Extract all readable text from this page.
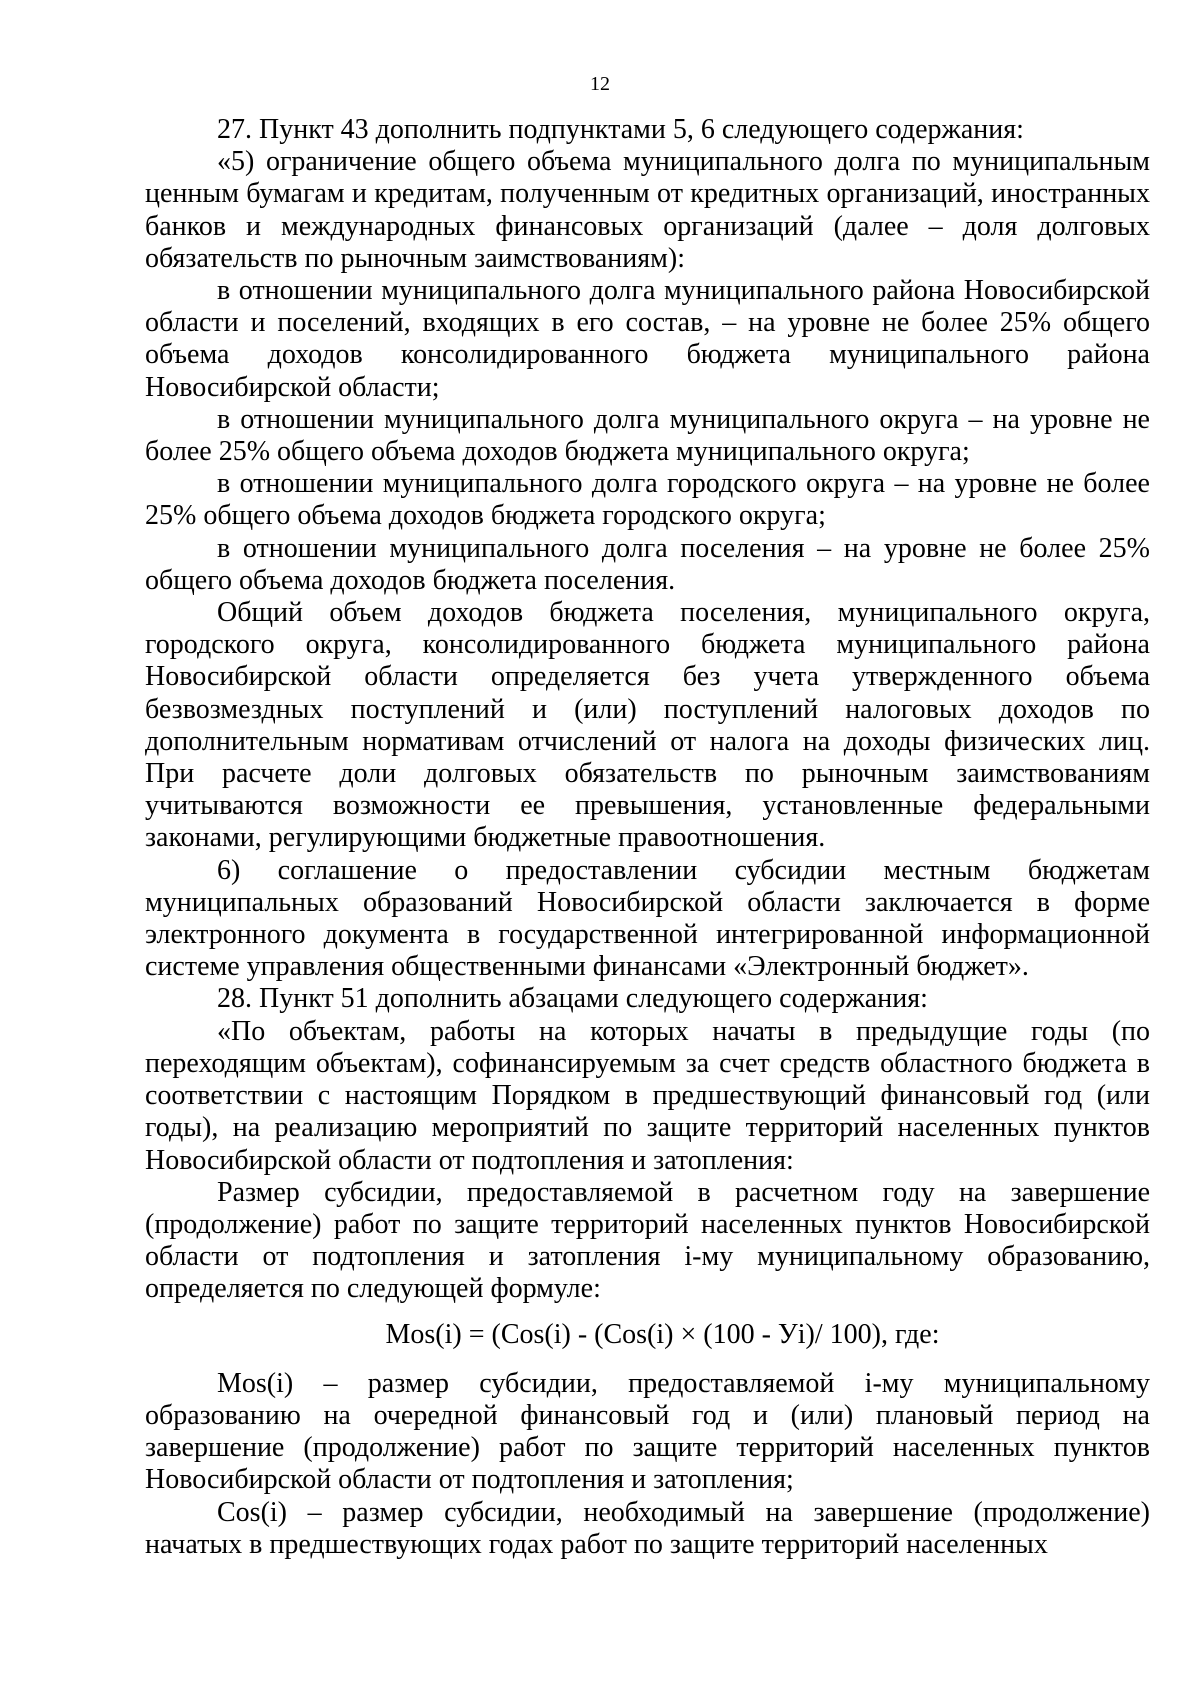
12

27. Пункт 43 дополнить подпунктами 5, 6 следующего содержания:

«5) ограничение общего объема муниципального долга по муниципальным ценным бумагам и кредитам, полученным от кредитных организаций, иностранных банков и международных финансовых организаций (далее – доля долговых обязательств по рыночным заимствованиям):

в отношении муниципального долга муниципального района Новосибирской области и поселений, входящих в его состав, – на уровне не более 25% общего объема доходов консолидированного бюджета муниципального района Новосибирской области;

в отношении муниципального долга муниципального округа – на уровне не более 25% общего объема доходов бюджета муниципального округа;

в отношении муниципального долга городского округа – на уровне не более 25% общего объема доходов бюджета городского округа;

в отношении муниципального долга поселения – на уровне не более 25% общего объема доходов бюджета поселения.

Общий объем доходов бюджета поселения, муниципального округа, городского округа, консолидированного бюджета муниципального района Новосибирской области определяется без учета утвержденного объема безвозмездных поступлений и (или) поступлений налоговых доходов по дополнительным нормативам отчислений от налога на доходы физических лиц. При расчете доли долговых обязательств по рыночным заимствованиям учитываются возможности ее превышения, установленные федеральными законами, регулирующими бюджетные правоотношения.

6) соглашение о предоставлении субсидии местным бюджетам муниципальных образований Новосибирской области заключается в форме электронного документа в государственной интегрированной информационной системе управления общественными финансами «Электронный бюджет».

28. Пункт 51 дополнить абзацами следующего содержания:

«По объектам, работы на которых начаты в предыдущие годы (по переходящим объектам), софинансируемым за счет средств областного бюджета в соответствии с настоящим Порядком в предшествующий финансовый год (или годы), на реализацию мероприятий по защите территорий населенных пунктов Новосибирской области от подтопления и затопления:

Размер субсидии, предоставляемой в расчетном году на завершение (продолжение) работ по защите территорий населенных пунктов Новосибирской области от подтопления и затопления i-му муниципальному образованию, определяется по следующей формуле:

Mos(i) = (Cos(i) - (Cos(i) × (100 - Уi)/ 100), где:

Mos(i) – размер субсидии, предоставляемой i-му муниципальному образованию на очередной финансовый год и (или) плановый период на завершение (продолжение) работ по защите территорий населенных пунктов Новосибирской области от подтопления и затопления;

Cos(i) – размер субсидии, необходимый на завершение (продолжение) начатых в предшествующих годах работ по защите территорий населенных
